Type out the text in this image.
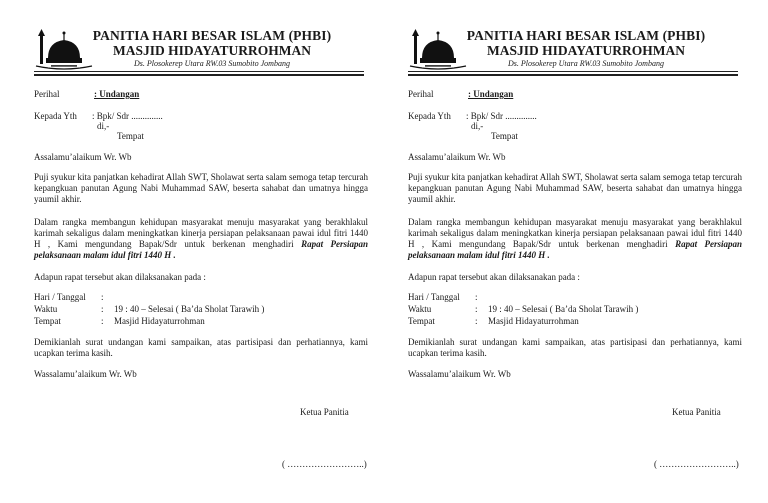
PANITIA HARI BESAR ISLAM (PHBI)
MASJID HIDAYATURROHMAN
Ds. Plosokerep Utara RW.03 Sumobito Jombang
Perihal	: Undangan
Kepada Yth : Bpk/ Sdr ..............
di,-
Tempat
Assalamu’alaikum Wr. Wb
Puji syukur kita panjatkan kehadirat Allah SWT, Sholawat serta salam semoga tetap tercurah kepangkuan panutan Agung Nabi Muhammad SAW, beserta sahabat dan umatnya hingga yaumil akhir.
Dalam rangka membangun kehidupan masyarakat menuju masyarakat yang berakhlakul karimah sekaligus dalam meningkatkan kinerja persiapan pelaksanaan pawai idul fitri 1440 H , Kami mengundang Bapak/Sdr untuk berkenan menghadiri Rapat Persiapan pelaksanaan malam idul fitri 1440 H .
Adapun rapat tersebut akan dilaksanakan pada :
Hari / Tanggal :
Waktu	: 19 : 40 – Selesai ( Ba’da Sholat Tarawih )
Tempat	: Masjid Hidayaturrohman
Demikianlah surat undangan kami sampaikan, atas partisipasi dan perhatiannya, kami ucapkan terima kasih.
Wassalamu’alaikum Wr. Wb
Ketua Panitia
( ……………………..)
PANITIA HARI BESAR ISLAM (PHBI)
MASJID HIDAYATURROHMAN
Ds. Plosokerep Utara RW.03 Sumobito Jombang
Perihal	: Undangan
Kepada Yth : Bpk/ Sdr ..............
di,-
Tempat
Assalamu’alaikum Wr. Wb
Puji syukur kita panjatkan kehadirat Allah SWT, Sholawat serta salam semoga tetap tercurah kepangkuan panutan Agung Nabi Muhammad SAW, beserta sahabat dan umatnya hingga yaumil akhir.
Dalam rangka membangun kehidupan masyarakat menuju masyarakat yang berakhlakul karimah sekaligus dalam meningkatkan kinerja persiapan pelaksanaan pawai idul fitri 1440 H , Kami mengundang Bapak/Sdr untuk berkenan menghadiri Rapat Persiapan pelaksanaan malam idul fitri 1440 H .
Adapun rapat tersebut akan dilaksanakan pada :
Hari / Tanggal :
Waktu	: 19 : 40 – Selesai ( Ba’da Sholat Tarawih )
Tempat	: Masjid Hidayaturrohman
Demikianlah surat undangan kami sampaikan, atas partisipasi dan perhatiannya, kami ucapkan terima kasih.
Wassalamu’alaikum Wr. Wb
Ketua Panitia
( ……………………..)
